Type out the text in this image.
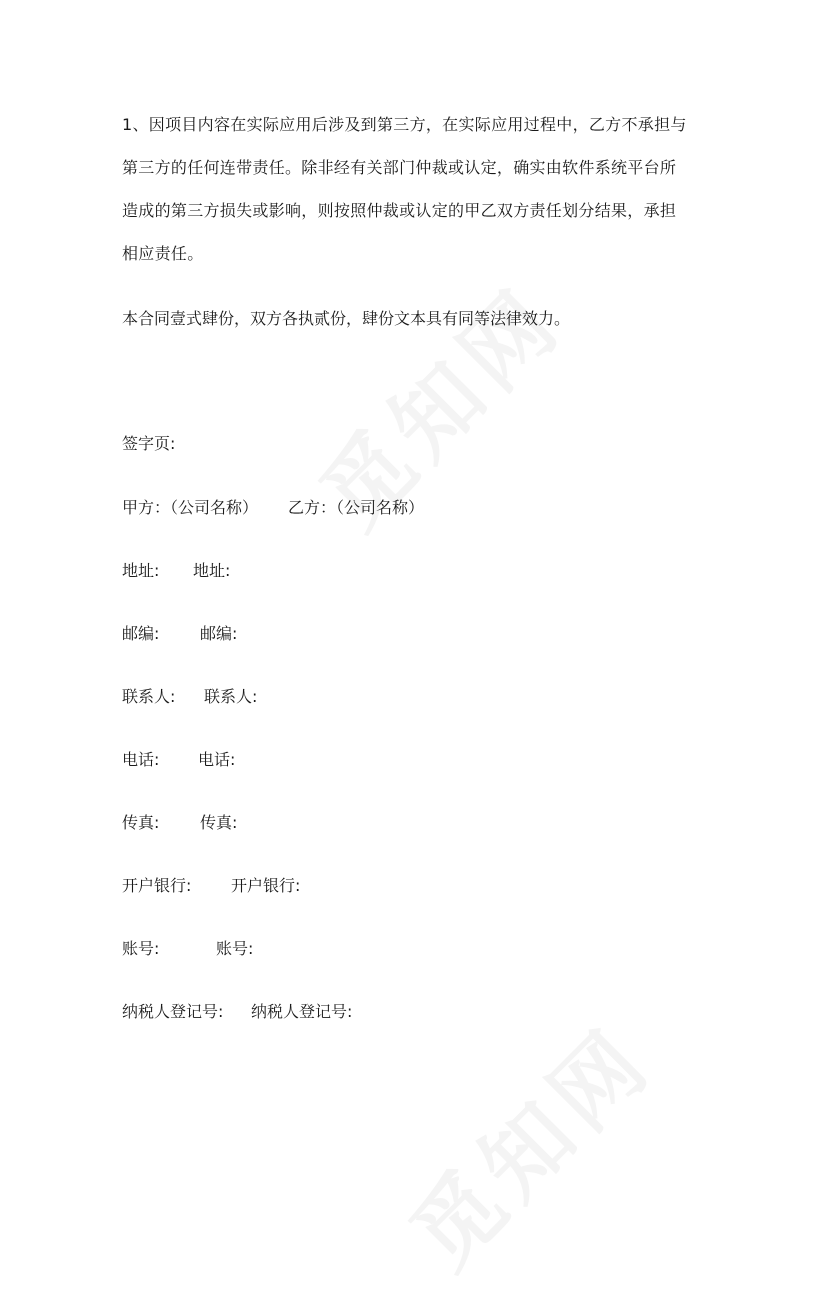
1、因项目内容在实际应用后涉及到第三方，在实际应用过程中，乙方不承担与
第三方的任何连带责任。除非经有关部门仲裁或认定，确实由软件系统平台所
造成的第三方损失或影响，则按照仲裁或认定的甲乙双方责任划分结果，承担
相应责任。
本合同壹式肆份，双方各执贰份，肆份文本具有同等法律效力。
签字页:
甲方：（公司名称） 乙方：（公司名称）
地址: 地址:
邮编:	邮编:
联系人: 联系人:
电话: 电话:
传真:	传真:
开户银行: 开户银行:
账号:	账号:
纳税人登记号: 纳税人登记号:
